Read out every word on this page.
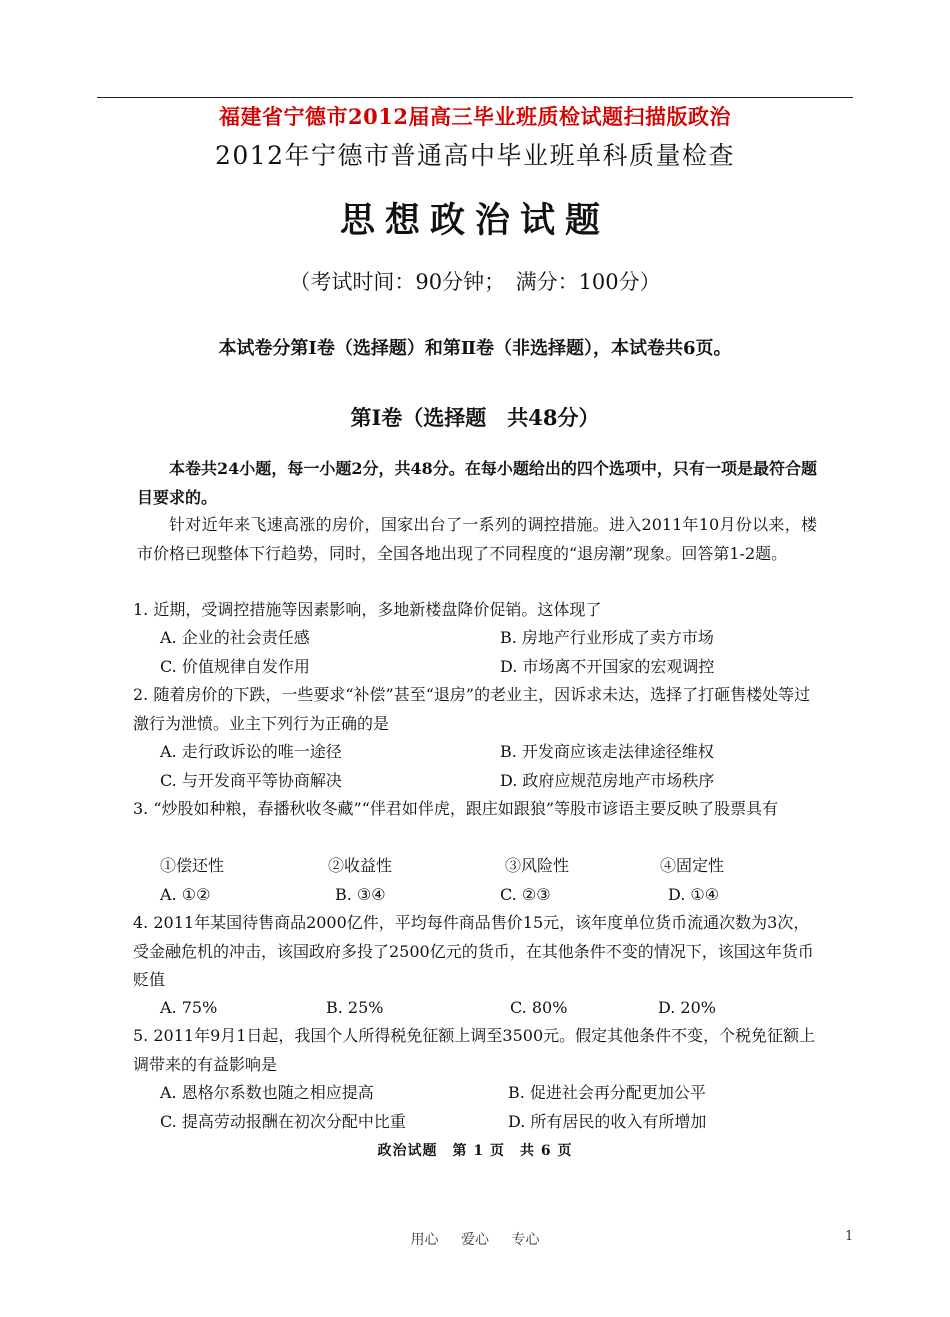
福建省宁德市2012届高三毕业班质检试题扫描版政治
2012年宁德市普通高中毕业班单科质量检查
思想政治试题
（考试时间：90分钟；　满分：100分）
本试卷分第Ⅰ卷（选择题）和第Ⅱ卷（非选择题），本试卷共6页。
第Ⅰ卷（选择题　共48分）
本卷共24小题，每一小题2分，共48分。在每小题给出的四个选项中，只有一项是最符合题目要求的。
针对近年来飞速高涨的房价，国家出台了一系列的调控措施。进入2011年10月份以来，楼市价格已现整体下行趋势，同时，全国各地出现了不同程度的“退房潮”现象。回答第1-2题。
1. 近期，受调控措施等因素影响，多地新楼盘降价促销。这体现了
A. 企业的社会责任感	B. 房地产行业形成了卖方市场
C. 价值规律自发作用	D. 市场离不开国家的宏观调控
2. 随着房价的下跌，一些要求“补偿”甚至“退房”的老业主，因诉求未达，选择了打砸售楼处等过激行为泄愤。业主下列行为正确的是
A. 走行政诉讼的唯一途径	B. 开发商应该走法律途径维权
C. 与开发商平等协商解决	D. 政府应规范房地产市场秩序
3. “炒股如种粮，春播秋收冬藏”“伴君如伴虎，跟庄如跟狼”等股市谚语主要反映了股票具有
①偿还性	②收益性	③风险性	④固定性
A. ①②	B. ③④	C. ②③	D. ①④
4. 2011年某国待售商品2000亿件，平均每件商品售价15元，该年度单位货币流通次数为3次，受金融危机的冲击，该国政府多投了2500亿元的货币，在其他条件不变的情况下，该国这年货币贬值
A. 75%	B. 25%	C. 80%	D. 20%
5. 2011年9月1日起，我国个人所得税免征额上调至3500元。假定其他条件不变，个税免征额上调带来的有益影响是
A. 恩格尔系数也随之相应提高	B. 促进社会再分配更加公平
C. 提高劳动报酬在初次分配中比重	D. 所有居民的收入有所增加
政治试题　第 1 页　共 6 页
用心 爱心 专心	1
